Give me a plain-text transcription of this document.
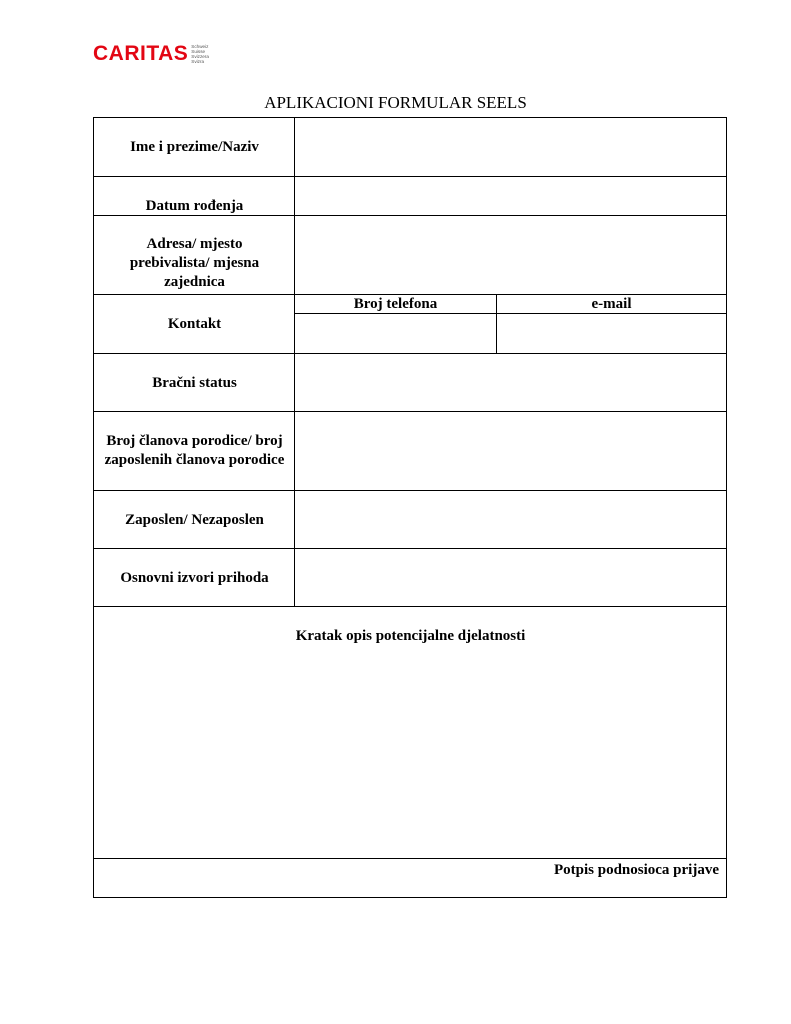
CARITAS Schweiz
Suisse
Svizzera
Svizra
APLIKACIONI FORMULAR SEELS
Ime i prezime/Naziv
Datum rođenja
Adresa/ mjesto prebivalista/ mjesna zajednica
Kontakt
Broj telefona	e-mail
Bračni status
Broj članova porodice/ broj zaposlenih članova porodice
Zaposlen/ Nezaposlen
Osnovni izvori prihoda
Kratak opis potencijalne djelatnosti
Potpis podnosioca prijave
